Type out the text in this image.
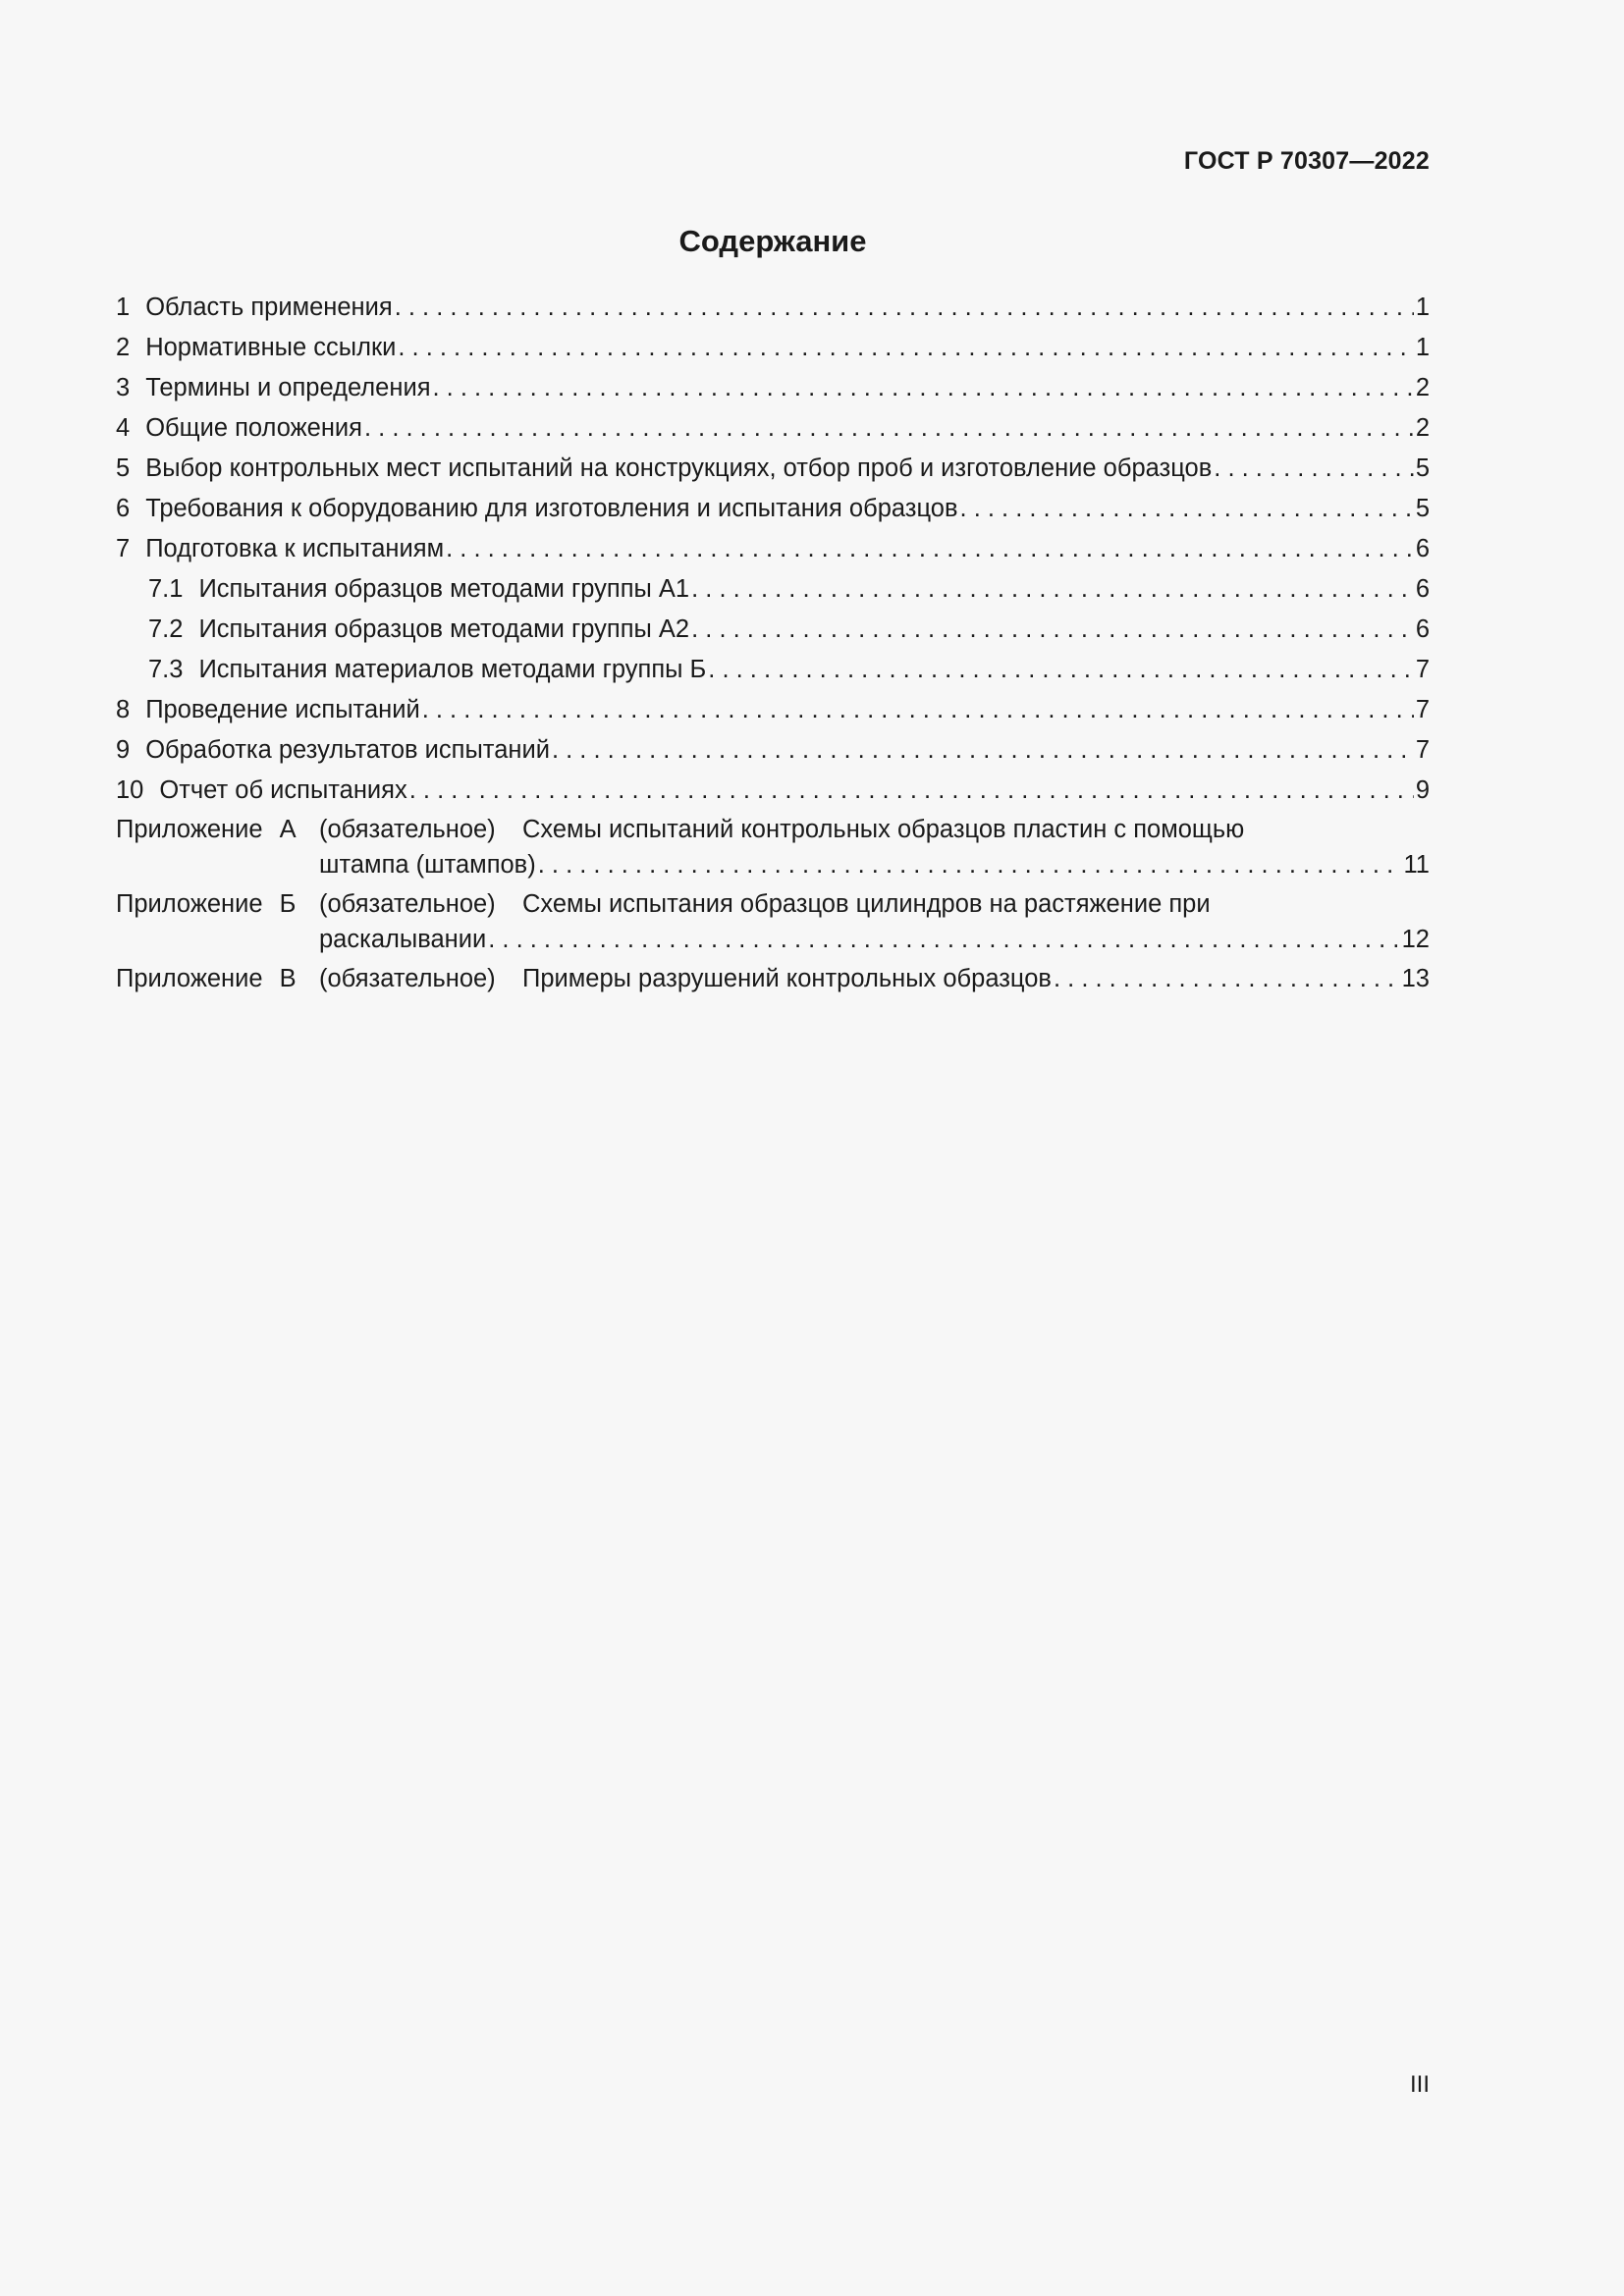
ГОСТ Р 70307—2022
Содержание
1 Область применения . . .	1
2 Нормативные ссылки . . .	1
3 Термины и определения . . .	2
4 Общие положения . . .	2
5 Выбор контрольных мест испытаний на конструкциях, отбор проб и изготовление образцов . . .	5
6 Требования к оборудованию для изготовления и испытания образцов . . .	5
7 Подготовка к испытаниям . . .	6
7.1 Испытания образцов методами группы А1 . . .	6
7.2 Испытания образцов методами группы А2 . . .	6
7.3 Испытания материалов методами группы Б . . .	7
8 Проведение испытаний . . .	7
9 Обработка результатов испытаний . . .	7
10 Отчет об испытаниях . . .	9
Приложение А (обязательное)	Схемы испытаний контрольных образцов пластин с помощью
штампа (штампов) . . .	11
Приложение Б (обязательное)	Схемы испытания образцов цилиндров на растяжение при
раскалывании . . .	12
Приложение В (обязательное)	Примеры разрушений контрольных образцов . . .	13
III
